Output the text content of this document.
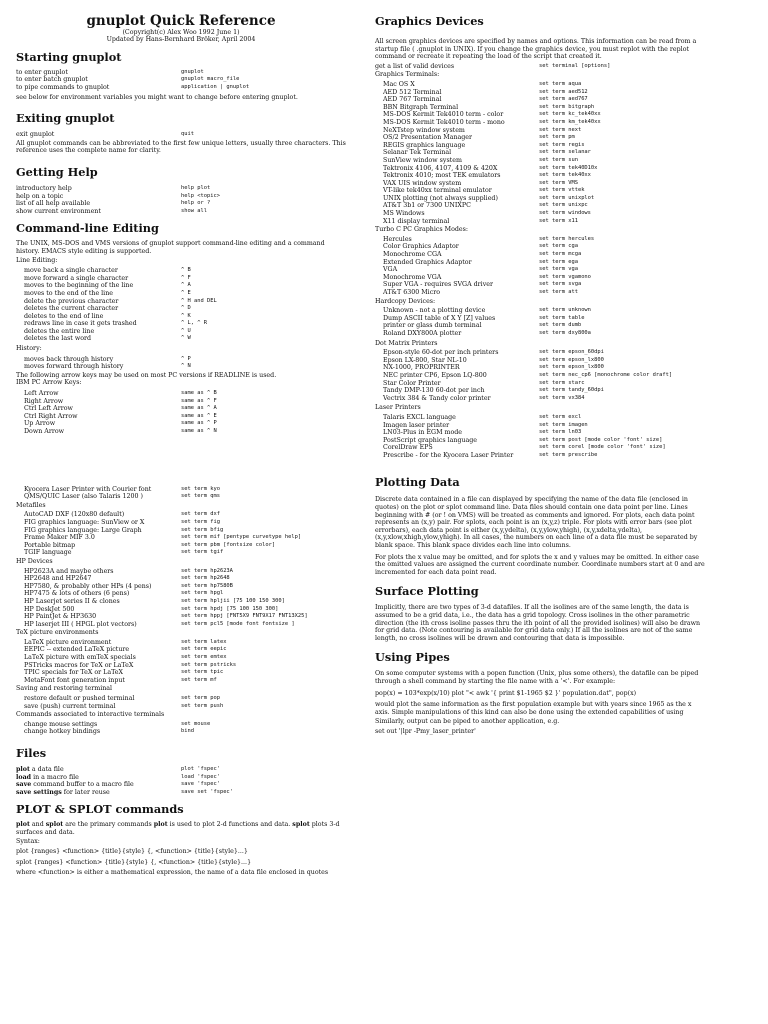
gnuplot Quick Reference
(Copyright(c) Alex Woo 1992 June 1)
Updated by Hans-Bernhard Bröker, April 2004
Starting gnuplot
to enter gnuplot	gnuplot
to enter batch gnuplot	gnuplot macro_file
to pipe commands to gnuplot	application | gnuplot

see below for environment variables you might want to change before entering gnuplot.

Exiting gnuplot
exit gnuplot	quit

All gnuplot commands can be abbreviated to the first few unique letters, usually three characters. This reference uses the complete name for clarity.

Getting Help
introductory help	help plot
help on a topic	help <topic>
list of all help available	help or ?
show current environment	show all
Command-line Editing

The UNIX, MS-DOS and VMS versions of gnuplot support command-line editing and a command history. EMACS style editing is supported.

Line Editing:
move back a single character	^ B
move forward a single character	^ F
moves to the beginning of the line	^ A
moves to the end of the line	^ E
delete the previous character	^ H and DEL
deletes the current character	^ D
deletes to the end of line	^ K
redraws line in case it gets trashed	^ L, ^ R
deletes the entire line	^ U
deletes the last word	^ W
History:
moves back through history	^ P
moves forward through history	^ N

The following arrow keys may be used on most PC versions if READLINE is used.

IBM PC Arrow Keys:
Left Arrow	same as ^ B
Right Arrow	same as ^ F
Ctrl Left Arrow	same as ^ A
Ctrl Right Arrow	same as ^ E
Up Arrow	same as ^ P
Down Arrow	same as ^ N
Kyocera Laser Printer with Courier font	set term kyo
QMS/QUIC Laser (also Talaris 1200 )	set term qms
Metafiles
AutoCAD DXF (120x80 default)	set term dxf
FIG graphics language: SunView or X	set term fig
FIG graphics language: Large Graph	set term bfig
Frame Maker MIF 3.0	set term mif [pentype curvetype help]
Portable bitmap	set term pbm [fontsize color]
TGIF language	set term tgif
HP Devices
HP2623A and maybe others	set term hp2623A
HP2648 and HP2647	set term hp2648
HP7580, & probably other HPs (4 pens)	set term hp7580B
HP7475 & lots of others (6 pens)	set term hpgl
HP Laserjet series II & clones	set term hpljii [75 100 150 300]
HP DeskJet 500	set term hpdj [75 100 150 300]
HP PaintJet & HP3630	set term hppj [FNT5X9 FNT9X17 FNT13X25]
HP laserjet III ( HPGL plot vectors)	set term pcl5 [mode font fontsize ]
TeX picture environments
LaTeX picture environment	set term latex
EEPIC -- extended LaTeX picture	set term eepic
LaTeX picture with emTeX specials	set term emtex
PSTricks macros for TeX or LaTeX	set term pstricks
TPIC specials for TeX or LaTeX	set term tpic
MetaFont font generation input	set term mf
Saving and restoring terminal
restore default or pushed terminal	set term pop
save (push) current terminal	set term push
Commands associated to interactive terminals
change mouse settings	set mouse
change hotkey bindings	bind
Files
plot a data file	plot 'fspec'
load in a macro file	load 'fspec'
save command buffer to a macro file	save 'fspec'
save settings for later reuse	save set 'fspec'
PLOT & SPLOT commands

plot and splot are the primary commands plot is used to plot 2-d functions and data. splot plots 3-d surfaces and data.

Syntax:

plot {ranges} <function> {title}{style} {, <function> {title}{style}...}

splot {ranges} <function> {title}{style} {, <function> {title}{style}...}

where <function> is either a mathematical expression, the name of a data file enclosed in quotes

Graphics Devices

All screen graphics devices are specified by names and options. This information can be read from a startup file ( .gnuplot in UNIX). If you change the graphics device, you must replot with the replot command or recreate it repeating the load of the script that created it.

get a list of valid devices	set terminal [options]
Graphics Terminals:
Mac OS X	set term aqua
AED 512 Terminal	set term aed512
AED 767 Terminal	set term aed767
BBN Bitgraph Terminal	set term bitgraph
MS-DOS Kermit Tek4010 term - color	set term kc_tek40xx
MS-DOS Kermit Tek4010 term - mono	set term km_tek40xx
NeXTstep window system	set term next
OS/2 Presentation Manager	set term pm
REGIS graphics language	set term regis
Selanar Tek Terminal	set term selanar
SunView window system	set term sun
Tektronix 4106, 4107, 4109 & 420X	set term tek40D10x
Tektronix 4010; most TEK emulators	set term tek40xx
VAX UIS window system	set term VMS
VT-like tek40xx terminal emulator	set term vttek
UNIX plotting (not always supplied)	set term unixplot
AT&T 3b1 or 7300 UNIXPC	set term unixpc
MS Windows	set term windows
X11 display terminal	set term x11
Turbo C PC Graphics Modes:
Hercules	set term hercules
Color Graphics Adaptor	set term cga
Monochrome CGA	set term mcga
Extended Graphics Adaptor	set term ega
VGA	set term vga
Monochrome VGA	set term vgamono
Super VGA - requires SVGA driver	set term svga
AT&T 6300 Micro	set term att
Hardcopy Devices:
Unknown - not a plotting device	set term unknown
Dump ASCII table of X Y [Z] values	set term table
printer or glass dumb terminal	set term dumb
Roland DXY800A plotter	set term dxy800a
Dot Matrix Printers
Epson-style 60-dot per inch printers	set term epson_60dpi
Epson LX-800, Star NL-10	set term epson_lx800
NX-1000, PROPRINTER	set term epson_lx800
NEC printer CP6, Epson LQ-800	set term nec_cp6 [monochrome color draft]
Star Color Printer	set term starc
Tandy DMP-130 60-dot per inch	set term tandy_60dpi
Vectrix 384 & Tandy color printer	set term vx384
Laser Printers
Talaris EXCL language	set term excl
Imagen laser printer	set term imagen
LN03-Plus in EGM mode	set term ln03
PostScript graphics language	set term post [mode color 'font' size]
CorelDraw EPS	set term corel [mode color 'font' size]
Prescribe - for the Kyocera Laser Printer	set term prescribe
Plotting Data

Discrete data contained in a file can displayed by specifying the name of the data file (enclosed in quotes) on the plot or splot command line. Data files should contain one data point per line. Lines beginning with # (or ! on VMS) will be treated as comments and ignored. For plots, each data point represents an (x,y) pair. For splots, each point is an (x,y,z) triple. For plots with error bars (see plot errorbars), each data point is either (x,y,ydelta), (x,y,ylow,yhigh), (x,y,xdelta,ydelta), (x,y,xlow,xhigh,ylow,yhigh). In all cases, the numbers on each line of a data file must be separated by blank space. This blank space divides each line into columns.

For plots the x value may be omitted, and for splots the x and y values may be omitted. In either case the omitted values are assigned the current coordinate number. Coordinate numbers start at 0 and are incremented for each data point read.

Surface Plotting

Implicitly, there are two types of 3-d datafiles. If all the isolines are of the same length, the data is assumed to be a grid data, i.e., the data has a grid topology. Cross isolines in the other parametric direction (the ith cross isoline passes thru the ith point of all the provided isolines) will also be drawn for grid data. (Note contouring is available for grid data only.) If all the isolines are not of the same length, no cross isolines will be drawn and contouring that data is impossible.

Using Pipes

On some computer systems with a popen function (Unix, plus some others), the datafile can be piped through a shell command by starting the file name with a '<'. For example:

pop(x) = 103*exp(x/10) plot "< awk '{ print $1-1965 $2 }' population.dat", pop(x)

would plot the same information as the first population example but with years since 1965 as the x axis. Simple manipulations of this kind can also be done using the extended capabilities of using

Similarly, output can be piped to another application, e.g.

set out '|lpr -Pmy_laser_printer'
